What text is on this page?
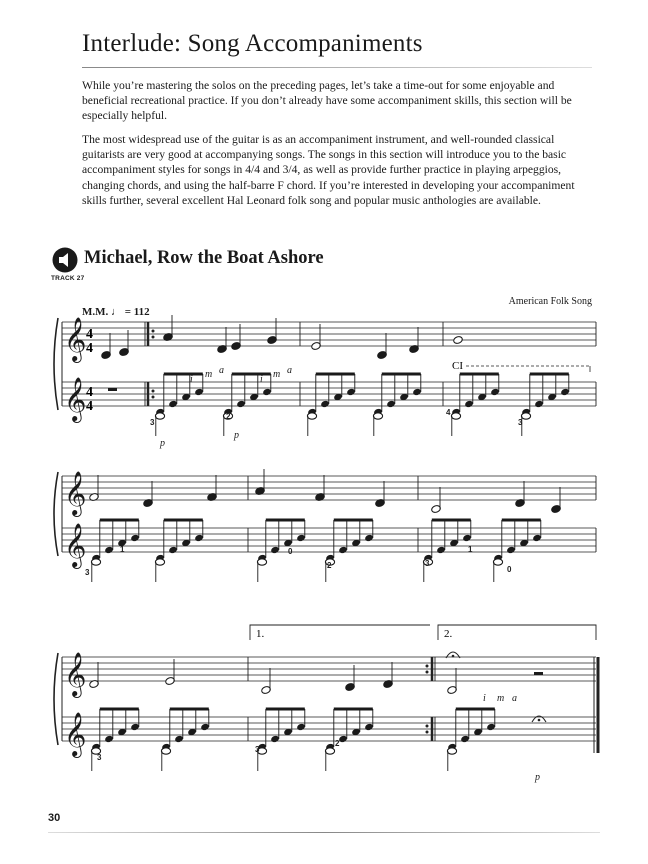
Interlude: Song Accompaniments

While you’re mastering the solos on the preceding pages, let’s take a time-out for some enjoyable and beneficial recreational practice. If you don’t already have some accompaniment skills, this section will be especially helpful.

The most widespread use of the guitar is as an accompaniment instrument, and well-rounded classical guitarists are very good at accompanying songs. The songs in this section will introduce you to the basic accompaniment styles for songs in 4/4 and 3/4, as well as provide further practice in playing arpeggios, changing chords, and using the half-barre F chord. If you’re interested in developing your accompaniment skills further, several excellent Hal Leonard folk song and popular music anthologies are available.

Michael, Row the Boat Ashore
TRACK 27
American Folk Song
M.M. ♩ = 112
𝄞
𝄞
𝄞
𝄞
𝄞
𝄞
4
4
4
4
CI
1.	2.
i m a
i m a
p
p
i m a
p
3
2	4
3
3
1	0
2	3
1
0
3
3
2
30
